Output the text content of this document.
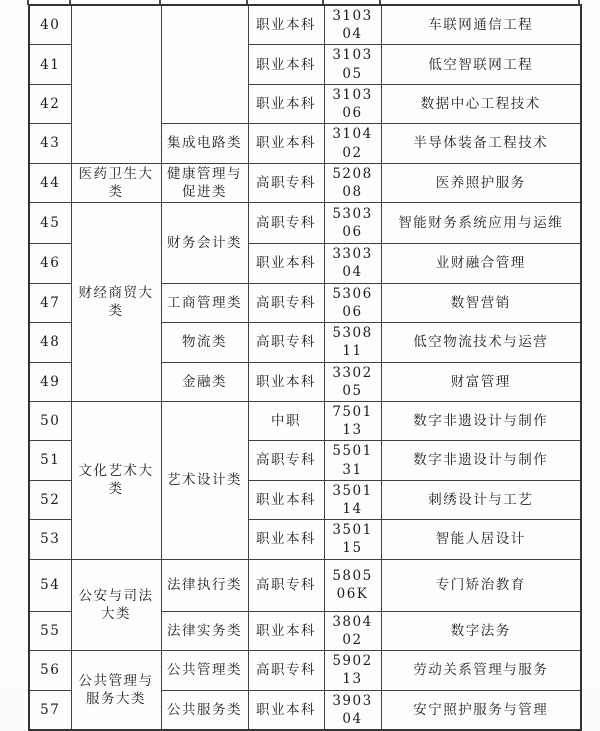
40			职业本科	310304	车联网通信工程
41			职业本科	310305	低空智联网工程
42			职业本科	310306	数据中心工程技术
43		集成电路类	职业本科	310402	半导体装备工程技术
44	医药卫生大类	健康管理与促进类	高职专科	520808	医养照护服务
45	财经商贸大类	财务会计类	高职专科	530306	智能财务系统应用与运维
46			职业本科	330304	业财融合管理
47		工商管理类	高职专科	530606	数智营销
48		物流类	高职专科	530811	低空物流技术与运营
49		金融类	职业本科	330205	财富管理
50	文化艺术大类	艺术设计类	中职	750113	数字非遗设计与制作
51			高职专科	550131	数字非遗设计与制作
52			职业本科	350114	刺绣设计与工艺
53			职业本科	350115	智能人居设计
54	公安与司法大类	法律执行类	高职专科	580506K	专门矫治教育
55		法律实务类	职业本科	380402	数字法务
56	公共管理与服务大类	公共管理类	高职专科	590213	劳动关系管理与服务
57		公共服务类	职业本科	390304	安宁照护服务与管理
